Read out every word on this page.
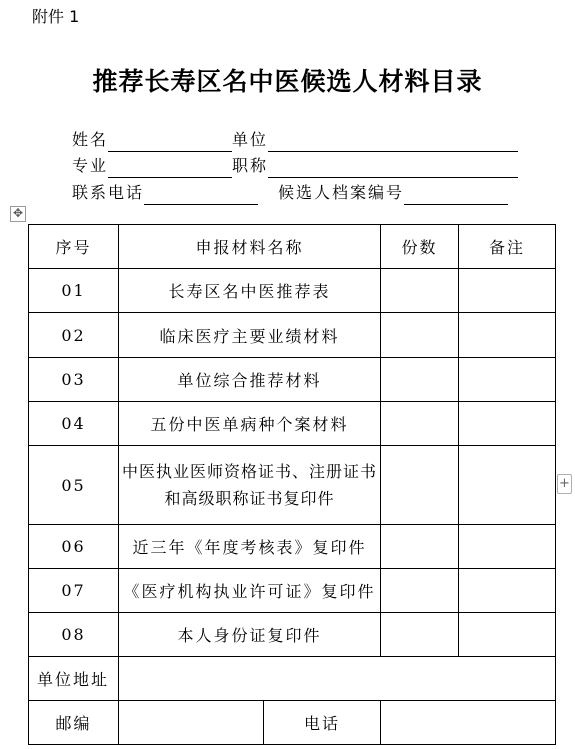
附件 1
推荐长寿区名中医候选人材料目录
姓名	单位
专业	职称
联系电话	候选人档案编号
✥
序号	申报材料名称		份数	备注
01	长寿区名中医推荐表			
02	临床医疗主要业绩材料			
03	单位综合推荐材料			
04	五份中医单病种个案材料			
05	中医执业医师资格证书、注册证书
和高级职称证书复印件			
06	近三年《年度考核表》复印件			
07	《医疗机构执业许可证》复印件			
08	本人身份证复印件			
单位地址				
邮编		电话		
+
